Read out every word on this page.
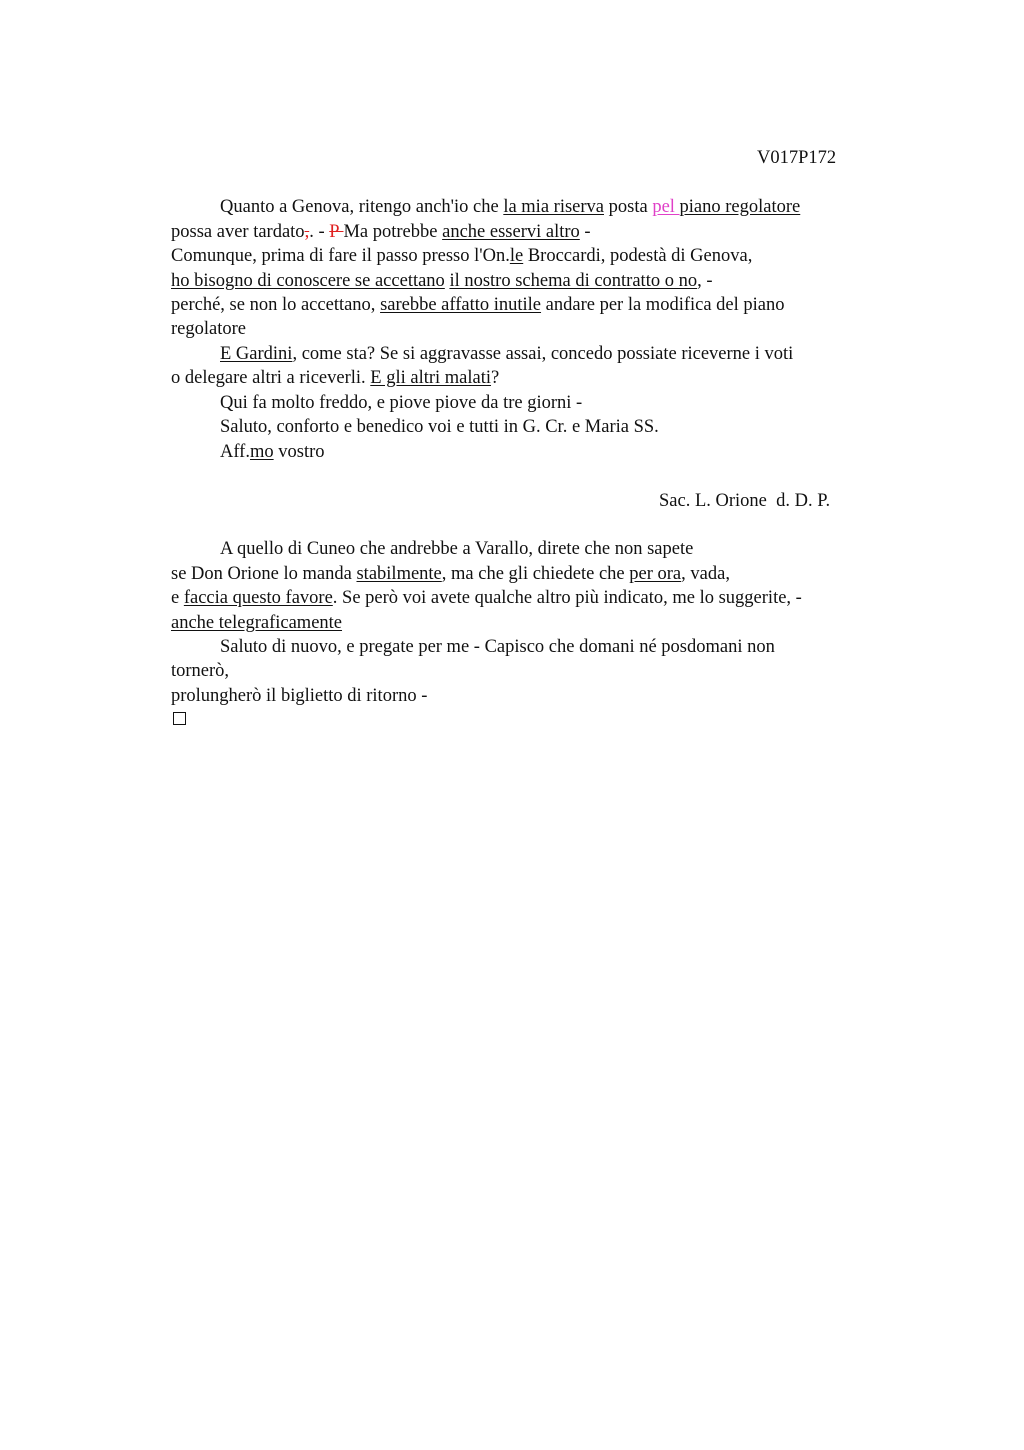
V017P172
Quanto a Genova, ritengo anch'io che la mia riserva posta pel piano regolatore
possa aver tardato,. - P Ma potrebbe anche esservi altro -
Comunque, prima di fare il passo presso l'On.le Broccardi, podestà di Genova,
ho bisogno di conoscere se accettano il nostro schema di contratto o no, -
perché, se non lo accettano, sarebbe affatto inutile andare per la modifica del piano
regolatore
E Gardini, come sta? Se si aggravasse assai, concedo possiate riceverne i voti
o delegare altri a riceverli. E gli altri malati?
Qui fa molto freddo, e piove piove da tre giorni -
Saluto, conforto e benedico voi e tutti in G. Cr. e Maria SS.
Aff.mo vostro
Sac. L. Orione  d. D. P.
A quello di Cuneo che andrebbe a Varallo, direte che non sapete
se Don Orione lo manda stabilmente, ma che gli chiedete che per ora, vada,
e faccia questo favore. Se però voi avete qualche altro più indicato, me lo suggerite, -
anche telegraficamente
Saluto di nuovo, e pregate per me - Capisco che domani né posdomani non
tornerò,
prolungherò il biglietto di ritorno -
